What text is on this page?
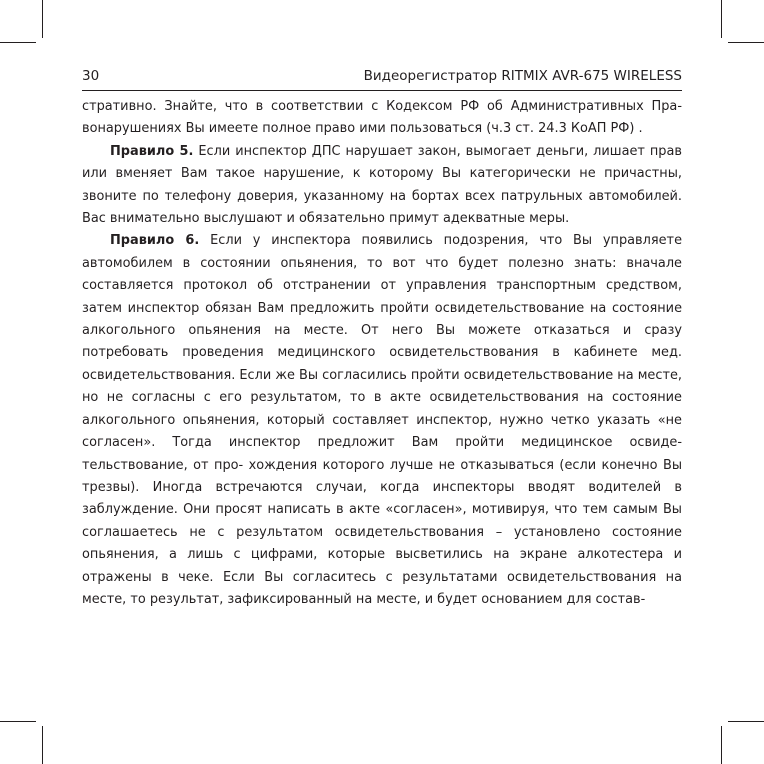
30	Видеорегистратор RITMIX AVR-675 WIRELESS

стративно. Знайте, что в соответствии с Кодексом РФ об Административных Правонарушениях Вы имеете полное право ими пользоваться (ч.3 ст. 24.3 КоАП РФ) .

Правило 5. Если инспектор ДПС нарушает закон, вымогает деньги, лишает прав или вменяет Вам такое нарушение, к которому Вы категорически не причастны, звоните по телефону доверия, указанному на бортах всех патрульных автомобилей. Вас внимательно выслушают и обязательно примут адекватные меры.

Правило 6. Если у инспектора появились подозрения, что Вы управляете автомобилем в состоянии опьянения, то вот что будет полезно знать: вначале составляется протокол об отстранении от управления транспортным средством, затем инспектор обязан Вам предложить пройти освидетельствование на состояние алкогольного опьянения на месте. От него Вы можете отказаться и сразу потребовать проведения медицинского освидетельствования в кабинете мед. освидетельствования. Если же Вы согласились пройти освидетельствование на месте, но не согласны с его результатом, то в акте освидетельствования на состояние алкогольного опьянения, который составляет инспектор, нужно четко указать «не согласен». Тогда инспектор предложит Вам пройти медицинское освидетельствование, от про- хождения которого лучше не отказываться (если конечно Вы трезвы). Иногда встречаются случаи, когда инспекторы вводят водителей в заблуждение. Они просят написать в акте «согласен», мотивируя, что тем самым Вы соглашаетесь не с результатом освидетельствования – установлено состояние опьянения, а лишь с цифрами, которые высветились на экране алкотестера и отражены в чеке. Если Вы согласитесь с результатами освидетельствования на месте, то результат, зафиксированный на месте, и будет основанием для состав-
